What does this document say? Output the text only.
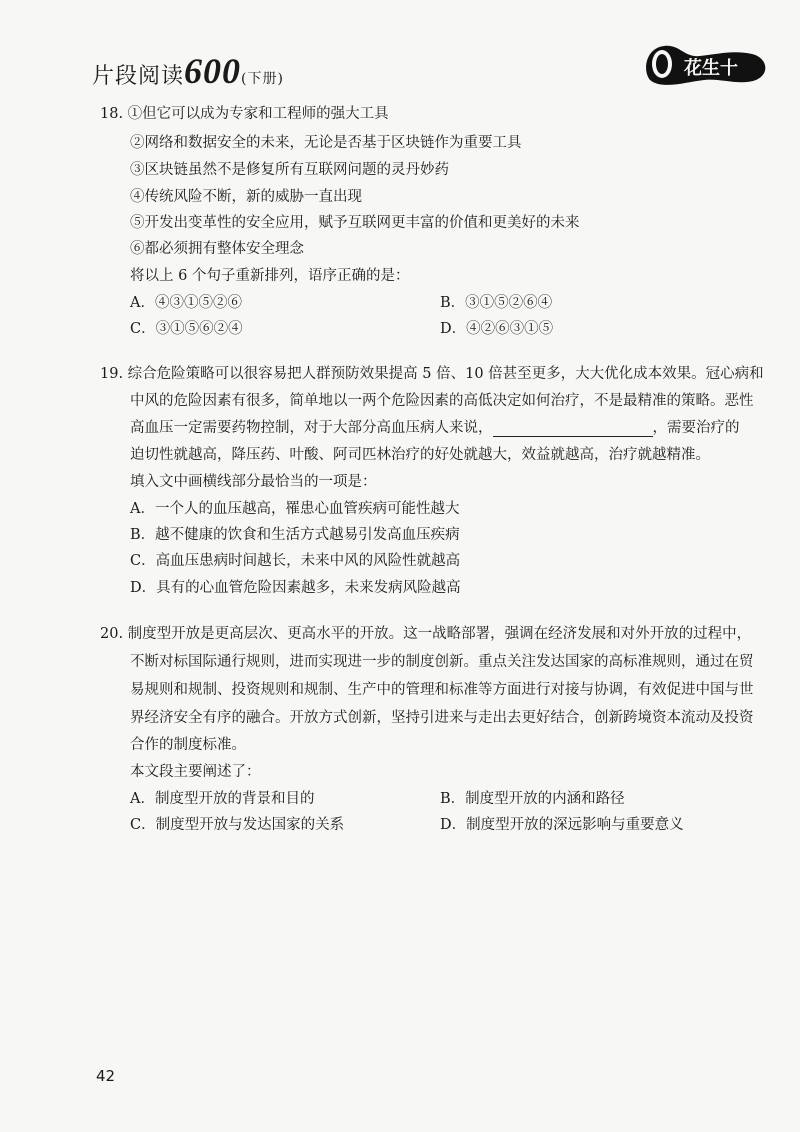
片段阅读600(下册)	花生十
18. ①但它可以成为专家和工程师的强大工具
②网络和数据安全的未来，无论是否基于区块链作为重要工具
③区块链虽然不是修复所有互联网问题的灵丹妙药
④传统风险不断，新的威胁一直出现
⑤开发出变革性的安全应用，赋予互联网更丰富的价值和更美好的未来
⑥都必须拥有整体安全理念
将以上 6 个句子重新排列，语序正确的是：
A．④③①⑤②⑥	B．③①⑤②⑥④
C．③①⑤⑥②④	D．④②⑥③①⑤
19. 综合危险策略可以很容易把人群预防效果提高 5 倍、10 倍甚至更多，大大优化成本效果。冠心病和
中风的危险因素有很多，简单地以一两个危险因素的高低决定如何治疗，不是最精准的策略。恶性
高血压一定需要药物控制，对于大部分高血压病人来说，	，需要治疗的
迫切性就越高，降压药、叶酸、阿司匹林治疗的好处就越大，效益就越高，治疗就越精准。
填入文中画横线部分最恰当的一项是：
A．一个人的血压越高，罹患心血管疾病可能性越大
B．越不健康的饮食和生活方式越易引发高血压疾病
C．高血压患病时间越长，未来中风的风险性就越高
D．具有的心血管危险因素越多，未来发病风险越高
20. 制度型开放是更高层次、更高水平的开放。这一战略部署，强调在经济发展和对外开放的过程中，
不断对标国际通行规则，进而实现进一步的制度创新。重点关注发达国家的高标准规则，通过在贸
易规则和规制、投资规则和规制、生产中的管理和标准等方面进行对接与协调，有效促进中国与世
界经济安全有序的融合。开放方式创新，坚持引进来与走出去更好结合，创新跨境资本流动及投资
合作的制度标准。
本文段主要阐述了：
A．制度型开放的背景和目的	B．制度型开放的内涵和路径
C．制度型开放与发达国家的关系	D．制度型开放的深远影响与重要意义
42
